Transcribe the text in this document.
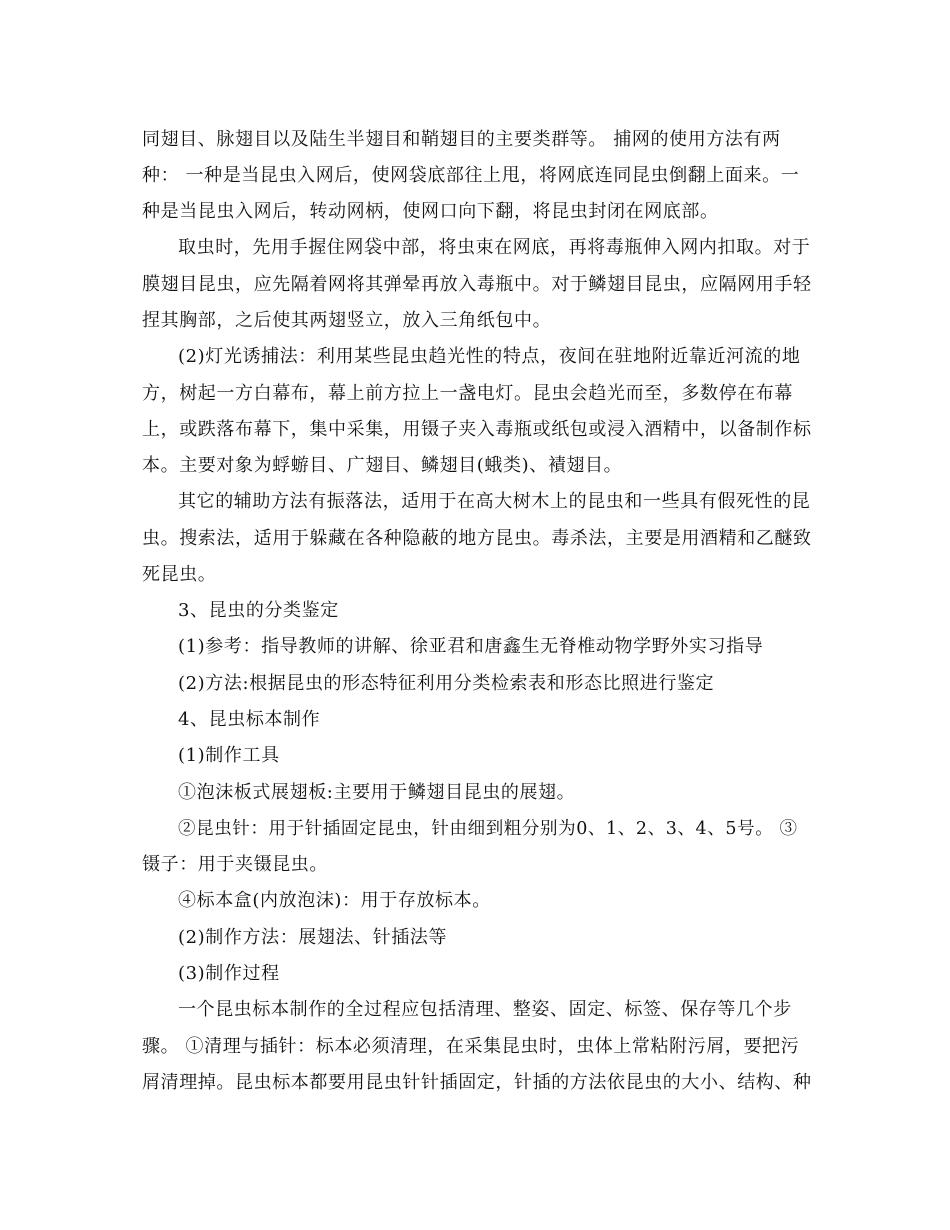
同翅目、脉翅目以及陆生半翅目和鞘翅目的主要类群等。 捕网的使用方法有两
种： 一种是当昆虫入网后，使网袋底部往上甩，将网底连同昆虫倒翻上面来。一
种是当昆虫入网后，转动网柄，使网口向下翻，将昆虫封闭在网底部。
取虫时，先用手握住网袋中部，将虫束在网底，再将毒瓶伸入网内扣取。对于
膜翅目昆虫，应先隔着网将其弹晕再放入毒瓶中。对于鳞翅目昆虫，应隔网用手轻
捏其胸部，之后使其两翅竖立，放入三角纸包中。
(2)灯光诱捕法：利用某些昆虫趋光性的特点，夜间在驻地附近靠近河流的地
方，树起一方白幕布，幕上前方拉上一盏电灯。昆虫会趋光而至，多数停在布幕
上，或跌落布幕下，集中采集，用镊子夹入毒瓶或纸包或浸入酒精中，以备制作标
本。主要对象为蜉蝣目、广翅目、鳞翅目(蛾类)、襀翅目。
其它的辅助方法有振落法，适用于在高大树木上的昆虫和一些具有假死性的昆
虫。搜索法，适用于躲藏在各种隐蔽的地方昆虫。毒杀法，主要是用酒精和乙醚致
死昆虫。
3、昆虫的分类鉴定
(1)参考：指导教师的讲解、徐亚君和唐鑫生无脊椎动物学野外实习指导
(2)方法:根据昆虫的形态特征利用分类检索表和形态比照进行鉴定
4、昆虫标本制作
(1)制作工具
①泡沫板式展翅板:主要用于鳞翅目昆虫的展翅。
②昆虫针：用于针插固定昆虫，针由细到粗分别为0、1、2、3、4、5号。 ③
镊子：用于夹镊昆虫。
④标本盒(内放泡沫)：用于存放标本。
(2)制作方法：展翅法、针插法等
(3)制作过程
一个昆虫标本制作的全过程应包括清理、整姿、固定、标签、保存等几个步
骤。 ①清理与插针：标本必须清理，在采集昆虫时，虫体上常粘附污屑，要把污
屑清理掉。昆虫标本都要用昆虫针针插固定，针插的方法依昆虫的大小、结构、种
